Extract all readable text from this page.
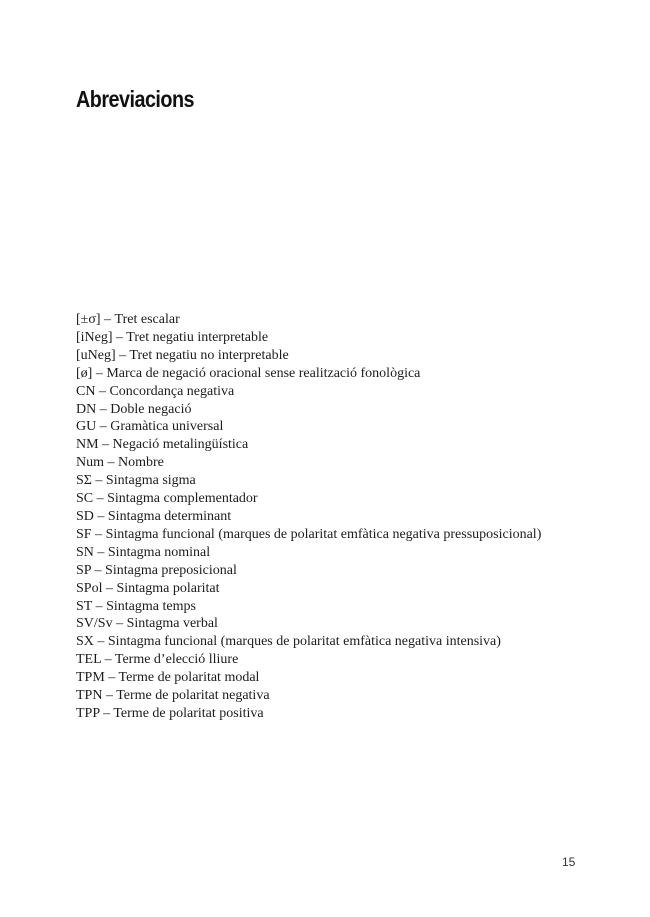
Abreviacions
[±σ] – Tret escalar
[iNeg] – Tret negatiu interpretable
[uNeg] – Tret negatiu no interpretable
[ø] – Marca de negació oracional sense realització fonològica
CN – Concordança negativa
DN – Doble negació
GU – Gramàtica universal
NM – Negació metalingüística
Num – Nombre
SΣ – Sintagma sigma
SC – Sintagma complementador
SD – Sintagma determinant
SF – Sintagma funcional (marques de polaritat emfàtica negativa pressuposicional)
SN – Sintagma nominal
SP – Sintagma preposicional
SPol – Sintagma polaritat
ST – Sintagma temps
SV/Sv – Sintagma verbal
SX – Sintagma funcional (marques de polaritat emfàtica negativa intensiva)
TEL – Terme d’elecció lliure
TPM – Terme de polaritat modal
TPN – Terme de polaritat negativa
TPP – Terme de polaritat positiva
15
